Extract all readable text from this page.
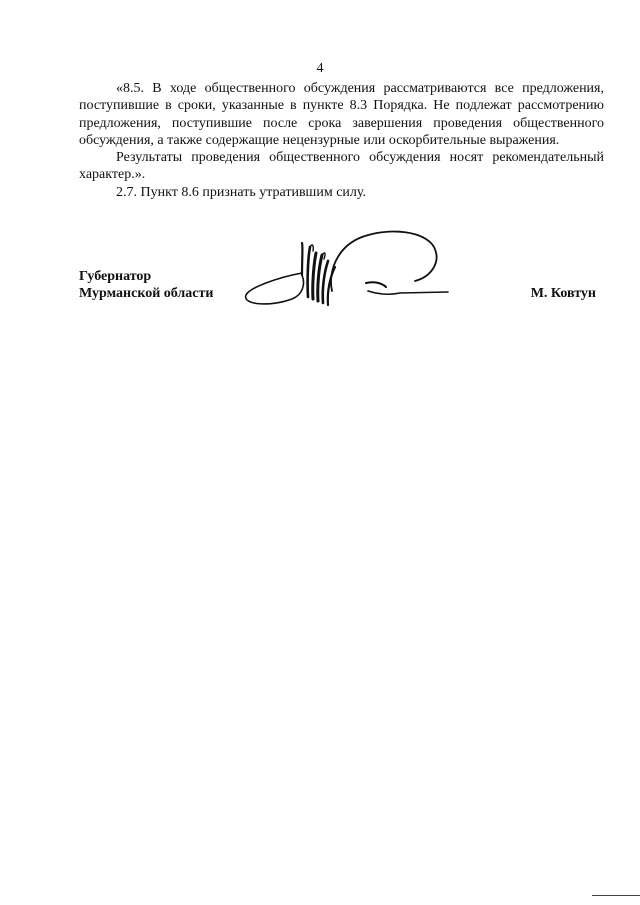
4

«8.5. В ходе общественного обсуждения рассматриваются все предложения, поступившие в сроки, указанные в пункте 8.3 Порядка. Не подлежат рассмотрению предложения, поступившие после срока завершения проведения общественного обсуждения, а также содержащие нецензурные или оскорбительные выражения.

Результаты проведения общественного обсуждения носят рекомендательный характер.».

2.7. Пункт 8.6 признать утратившим силу.

Губернатор
Мурманской области	М. Ковтун
